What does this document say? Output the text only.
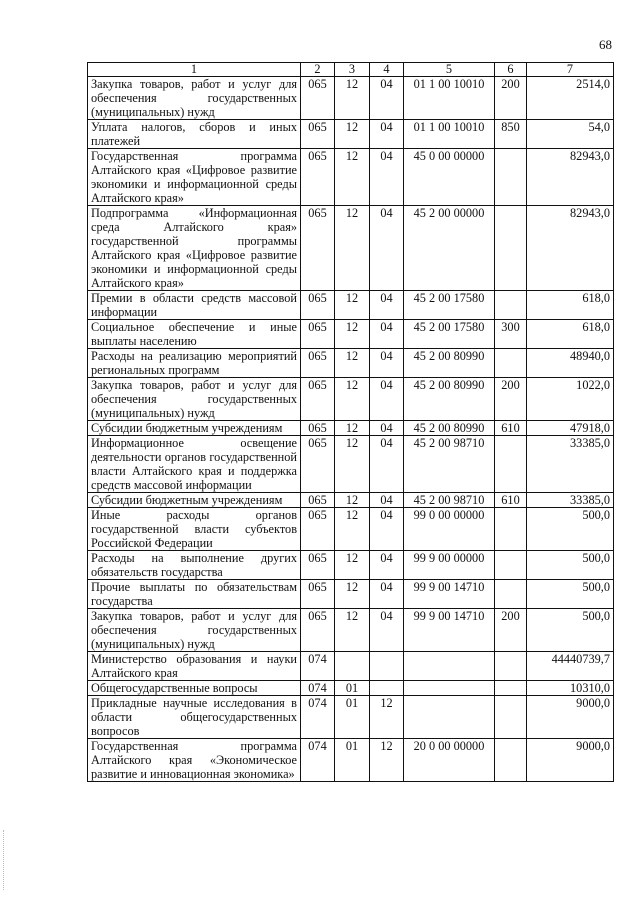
68
1	2	3	4	5	6	7
Закупка товаров, работ и услуг для обеспечения государственных (муниципальных) нужд	065	12	04	01 1 00 10010	200	2514,0
Уплата налогов, сборов и иных платежей	065	12	04	01 1 00 10010	850	54,0
Государственная программа Алтайского края «Цифровое развитие экономики и информационной среды Алтайского края»	065	12	04	45 0 00 00000		82943,0
Подпрограмма «Информационная среда Алтайского края» государственной программы Алтайского края «Цифровое развитие экономики и информационной среды Алтайского края»	065	12	04	45 2 00 00000		82943,0
Премии в области средств массовой информации	065	12	04	45 2 00 17580		618,0
Социальное обеспечение и иные выплаты населению	065	12	04	45 2 00 17580	300	618,0
Расходы на реализацию мероприятий региональных программ	065	12	04	45 2 00 80990		48940,0
Закупка товаров, работ и услуг для обеспечения государственных (муниципальных) нужд	065	12	04	45 2 00 80990	200	1022,0
Субсидии бюджетным учреждениям	065	12	04	45 2 00 80990	610	47918,0
Информационное освещение деятельности органов государственной власти Алтайского края и поддержка средств массовой информации	065	12	04	45 2 00 98710		33385,0
Субсидии бюджетным учреждениям	065	12	04	45 2 00 98710	610	33385,0
Иные расходы органов государственной власти субъектов Российской Федерации	065	12	04	99 0 00 00000		500,0
Расходы на выполнение других обязательств государства	065	12	04	99 9 00 00000		500,0
Прочие выплаты по обязательствам государства	065	12	04	99 9 00 14710		500,0
Закупка товаров, работ и услуг для обеспечения государственных (муниципальных) нужд	065	12	04	99 9 00 14710	200	500,0
Министерство образования и науки Алтайского края	074					44440739,7
Общегосударственные вопросы	074	01				10310,0
Прикладные научные исследования в области общегосударственных вопросов	074	01	12			9000,0
Государственная программа Алтайского края «Экономическое развитие и инновационная экономика»	074	01	12	20 0 00 00000		9000,0
